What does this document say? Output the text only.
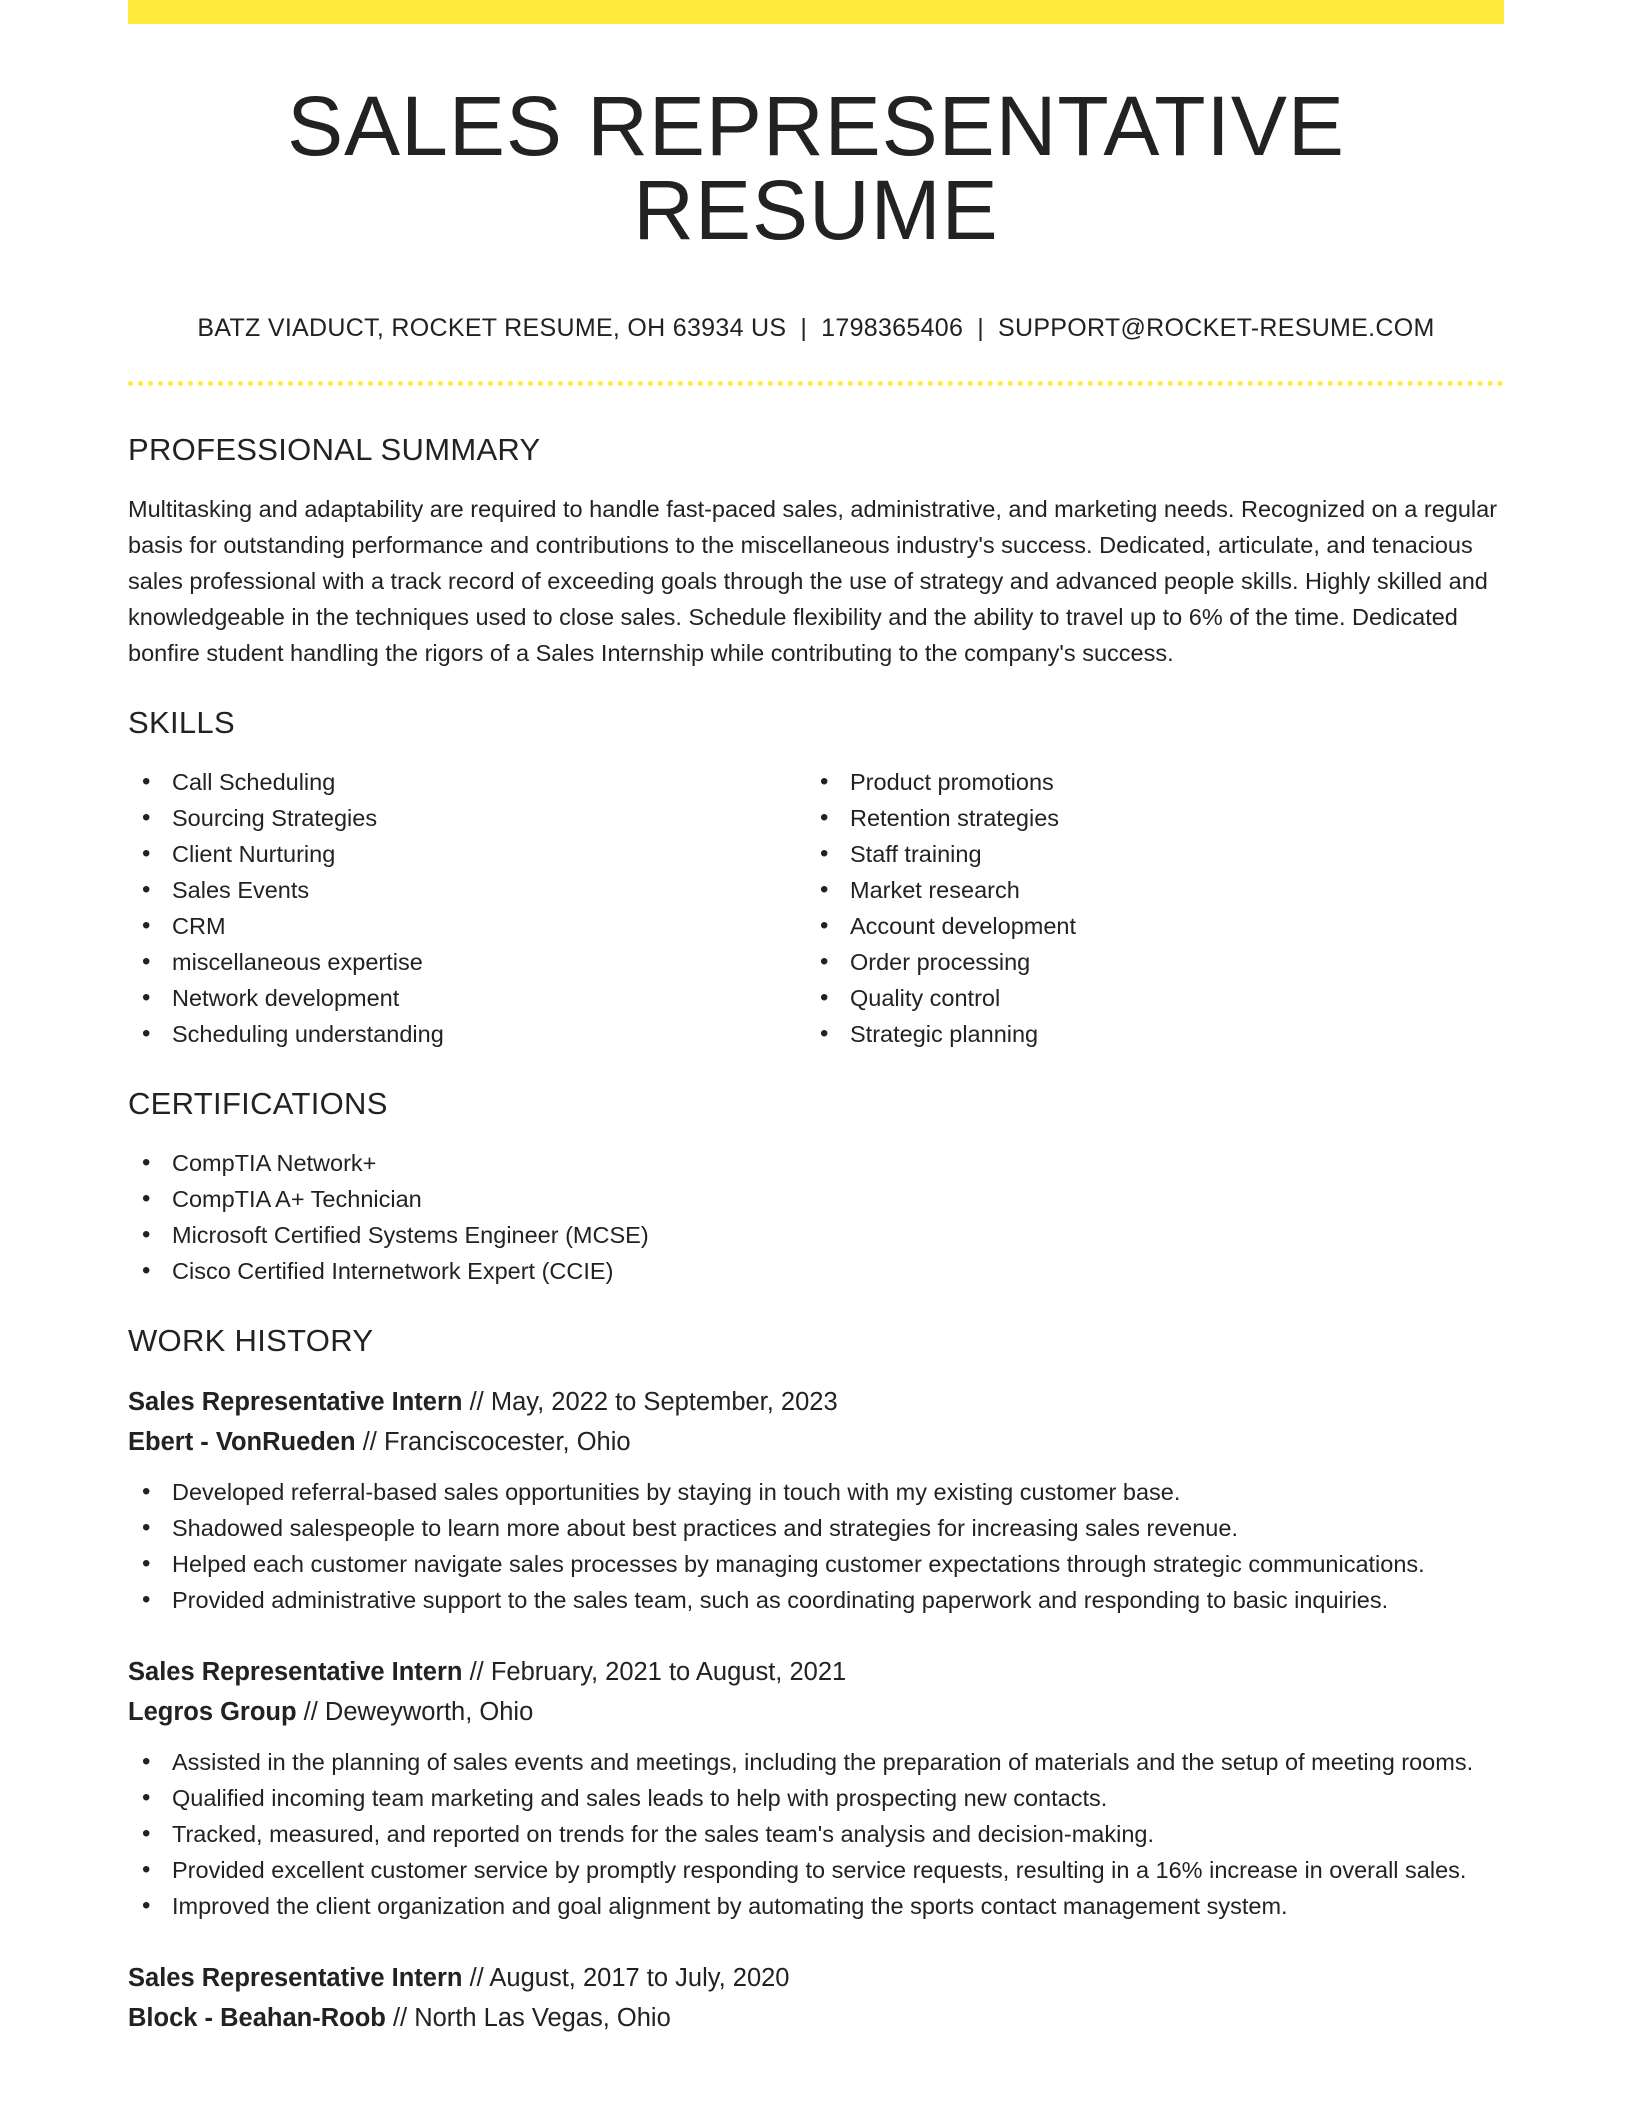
SALES REPRESENTATIVE RESUME
BATZ VIADUCT, ROCKET RESUME, OH 63934 US | 1798365406 | SUPPORT@ROCKET-RESUME.COM
PROFESSIONAL SUMMARY

Multitasking and adaptability are required to handle fast-paced sales, administrative, and marketing needs. Recognized on a regular basis for outstanding performance and contributions to the miscellaneous industry's success. Dedicated, articulate, and tenacious sales professional with a track record of exceeding goals through the use of strategy and advanced people skills. Highly skilled and knowledgeable in the techniques used to close sales. Schedule flexibility and the ability to travel up to 6% of the time. Dedicated bonfire student handling the rigors of a Sales Internship while contributing to the company's success.

SKILLS
• Call Scheduling
• Sourcing Strategies
• Client Nurturing
• Sales Events
• CRM
• miscellaneous expertise
• Network development
• Scheduling understanding
• Product promotions
• Retention strategies
• Staff training
• Market research
• Account development
• Order processing
• Quality control
• Strategic planning
CERTIFICATIONS
• CompTIA Network+
• CompTIA A+ Technician
• Microsoft Certified Systems Engineer (MCSE)
• Cisco Certified Internetwork Expert (CCIE)
WORK HISTORY
Sales Representative Intern // May, 2022 to September, 2023
Ebert - VonRueden // Franciscocester, Ohio
• Developed referral-based sales opportunities by staying in touch with my existing customer base.
• Shadowed salespeople to learn more about best practices and strategies for increasing sales revenue.
• Helped each customer navigate sales processes by managing customer expectations through strategic communications.
• Provided administrative support to the sales team, such as coordinating paperwork and responding to basic inquiries.
Sales Representative Intern // February, 2021 to August, 2021
Legros Group // Deweyworth, Ohio
• Assisted in the planning of sales events and meetings, including the preparation of materials and the setup of meeting rooms.
• Qualified incoming team marketing and sales leads to help with prospecting new contacts.
• Tracked, measured, and reported on trends for the sales team's analysis and decision-making.
• Provided excellent customer service by promptly responding to service requests, resulting in a 16% increase in overall sales.
• Improved the client organization and goal alignment by automating the sports contact management system.
Sales Representative Intern // August, 2017 to July, 2020
Block - Beahan-Roob // North Las Vegas, Ohio
